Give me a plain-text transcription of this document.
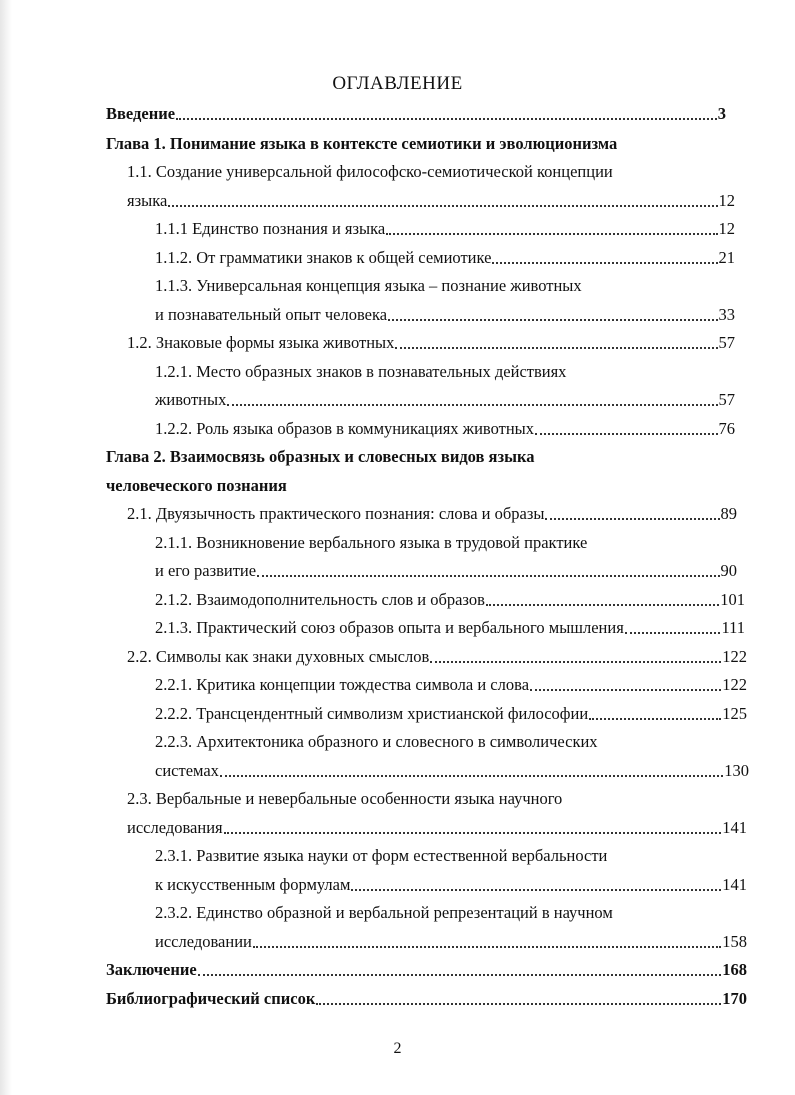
ОГЛАВЛЕНИЕ
Введение	3
Глава 1. Понимание языка в контексте семиотики и эволюционизма
1.1. Создание универсальной философско-семиотической концепции
языка	12
1.1.1 Единство познания и языка	12
1.1.2. От грамматики знаков к общей семиотике	21
1.1.3. Универсальная концепция языка – познание животных
и познавательный опыт человека	33
1.2. Знаковые формы языка животных	57
1.2.1. Место образных знаков в познавательных действиях
животных	57
1.2.2. Роль языка образов в коммуникациях животных	76
Глава 2. Взаимосвязь образных и словесных видов языка
человеческого познания
2.1. Двуязычность практического познания: слова и образы	89
2.1.1. Возникновение вербального языка в трудовой практике
и его развитие	90
2.1.2. Взаимодополнительность слов и образов	101
2.1.3. Практический союз образов опыта и вербального мышления	111
2.2. Символы как знаки духовных смыслов	122
2.2.1. Критика концепции тождества символа и слова	122
2.2.2. Трансцендентный символизм христианской философии	125
2.2.3. Архитектоника образного и словесного в символических
системах	130
2.3. Вербальные и невербальные особенности языка научного
исследования	141
2.3.1. Развитие языка науки от форм естественной вербальности
к искусственным формулам	141
2.3.2. Единство образной и вербальной репрезентаций в научном
исследовании	158
Заключение	168
Библиографический список	170
2
